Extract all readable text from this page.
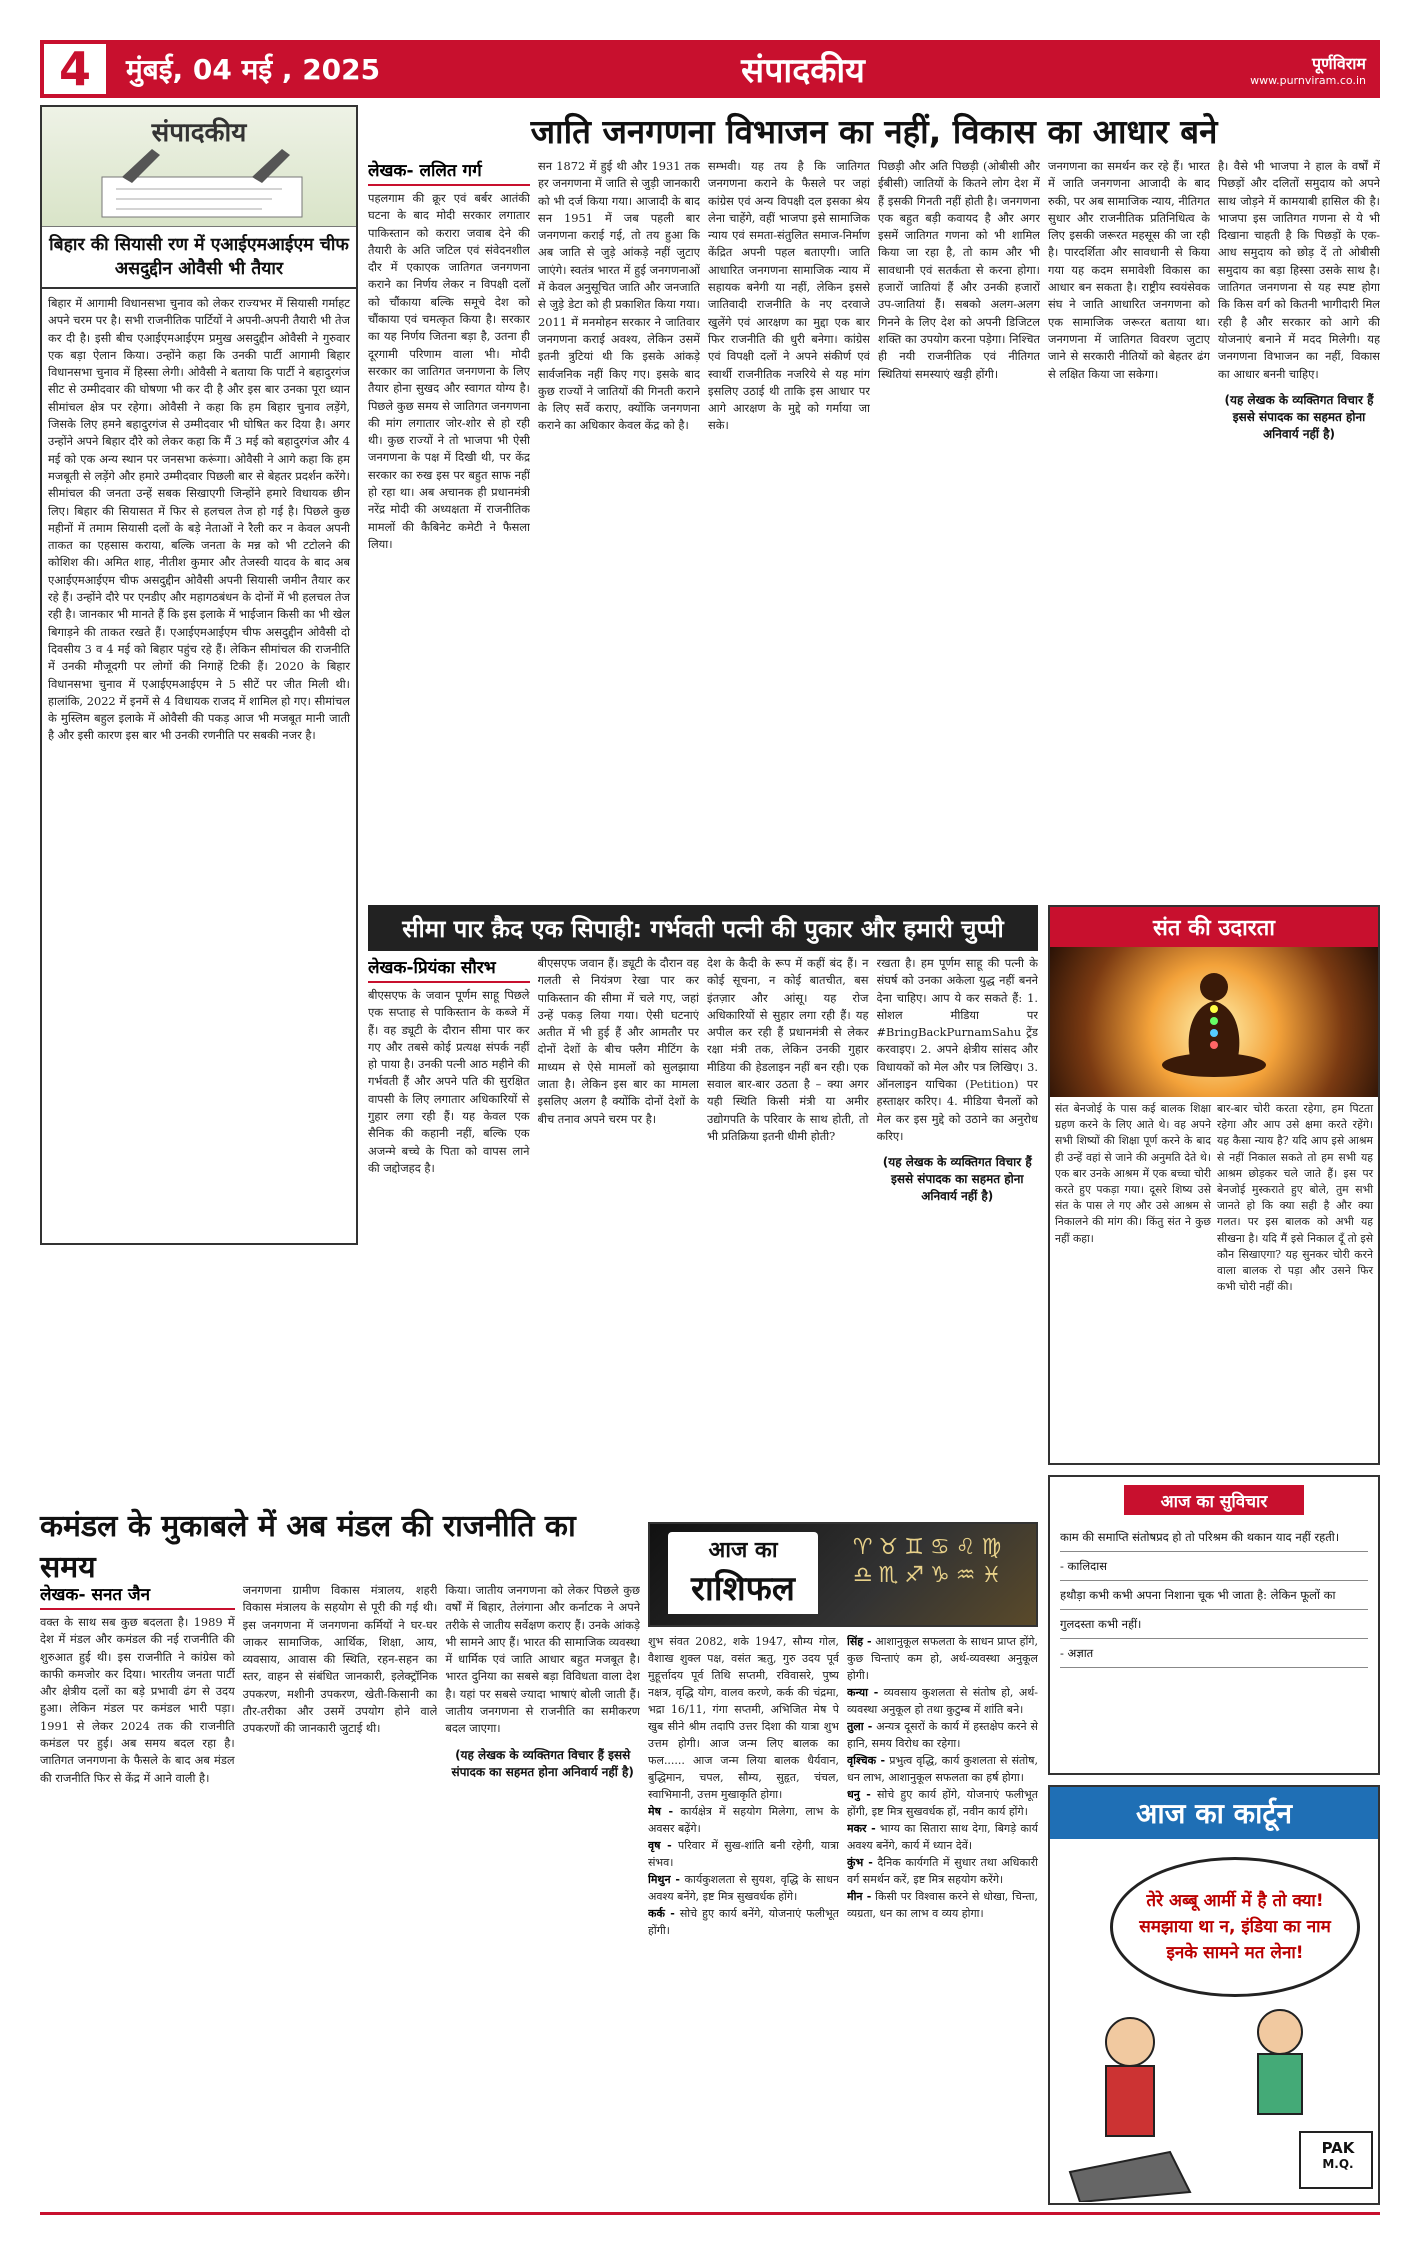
4	मुंबई, 04 मई , 2025	संपादकीय	पूर्णविराम
www.purnviram.co.in
संपादकीय
बिहार की सियासी रण में एआईएमआईएम चीफ असदुद्दीन ओवैसी भी तैयार
बिहार में आगामी विधानसभा चुनाव को लेकर राज्यभर में सियासी गर्माहट अपने चरम पर है। सभी राजनीतिक पार्टियों ने अपनी-अपनी तैयारी भी तेज कर दी है। इसी बीच एआईएमआईएम प्रमुख असदुद्दीन ओवैसी ने गुरुवार एक बड़ा ऐलान किया। उन्होंने कहा कि उनकी पार्टी आगामी बिहार विधानसभा चुनाव में हिस्सा लेगी। ओवैसी ने बताया कि पार्टी ने बहादुरगंज सीट से उम्मीदवार की घोषणा भी कर दी है और इस बार उनका पूरा ध्यान सीमांचल क्षेत्र पर रहेगा। ओवैसी ने कहा कि हम बिहार चुनाव लड़ेंगे, जिसके लिए हमने बहादुरगंज से उम्मीदवार भी घोषित कर दिया है। अगर उन्होंने अपने बिहार दौरे को लेकर कहा कि मैं 3 मई को बहादुरगंज और 4 मई को एक अन्य स्थान पर जनसभा करूंगा। ओवैसी ने आगे कहा कि हम मजबूती से लड़ेंगे और हमारे उम्मीदवार पिछली बार से बेहतर प्रदर्शन करेंगे। सीमांचल की जनता उन्हें सबक सिखाएगी जिन्होंने हमारे विधायक छीन लिए। बिहार की सियासत में फिर से हलचल तेज हो गई है। पिछले कुछ महीनों में तमाम सियासी दलों के बड़े नेताओं ने रैली कर न केवल अपनी ताकत का एहसास कराया, बल्कि जनता के मन्न को भी टटोलने की कोशिश की। अमित शाह, नीतीश कुमार और तेजस्वी यादव के बाद अब एआईएमआईएम चीफ असदुद्दीन ओवैसी अपनी सियासी जमीन तैयार कर रहे हैं। उन्होंने दौरे पर एनडीए और महागठबंधन के दोनों में भी हलचल तेज रही है। जानकार भी मानते हैं कि इस इलाके में भाईजान किसी का भी खेल बिगाड़ने की ताकत रखते हैं। एआईएमआईएम चीफ असदुद्दीन ओवैसी दो दिवसीय 3 व 4 मई को बिहार पहुंच रहे हैं। लेकिन सीमांचल की राजनीति में उनकी मौजूदगी पर लोगों की निगाहें टिकी हैं। 2020 के बिहार विधानसभा चुनाव में एआईएमआईएम ने 5 सीटें पर जीत मिली थी। हालांकि, 2022 में इनमें से 4 विधायक राजद में शामिल हो गए। सीमांचल के मुस्लिम बहुल इलाके में ओवैसी की पकड़ आज भी मजबूत मानी जाती है और इसी कारण इस बार भी उनकी रणनीति पर सबकी नजर है।
जाति जनगणना विभाजन का नहीं, विकास का आधार बने
लेखक- ललित गर्ग
पहलगाम की क्रूर एवं बर्बर आतंकी घटना के बाद मोदी सरकार लगातार पाकिस्तान को करारा जवाब देने की तैयारी के अति जटिल एवं संवेदनशील दौर में एकाएक जातिगत जनगणना कराने का निर्णय लेकर न विपक्षी दलों को चौंकाया बल्कि समूचे देश को चौंकाया एवं चमत्कृत किया है। सरकार का यह निर्णय जितना बड़ा है, उतना ही दूरगामी परिणाम वाला भी। मोदी सरकार का जातिगत जनगणना के लिए तैयार होना सुखद और स्वागत योग्य है। पिछले कुछ समय से जातिगत जनगणना की मांग लगातार जोर-शोर से हो रही थी। कुछ राज्यों ने तो भाजपा भी ऐसी जनगणना के पक्ष में दिखी थी, पर केंद्र सरकार का रुख इस पर बहुत साफ नहीं हो रहा था। अब अचानक ही प्रधानमंत्री नरेंद्र मोदी की अध्यक्षता में राजनीतिक मामलों की कैबिनेट कमेटी ने फैसला लिया।
सन 1872 में हुई थी और 1931 तक हर जनगणना में जाति से जुड़ी जानकारी को भी दर्ज किया गया। आजादी के बाद सन 1951 में जब पहली बार जनगणना कराई गई, तो तय हुआ कि अब जाति से जुड़े आंकड़े नहीं जुटाए जाएंगे। स्वतंत्र भारत में हुई जनगणनाओं में केवल अनुसूचित जाति और जनजाति से जुड़े डेटा को ही प्रकाशित किया गया। 2011 में मनमोहन सरकार ने जातिवार जनगणना कराई अवश्य, लेकिन उसमें इतनी त्रुटियां थी कि इसके आंकड़े सार्वजनिक नहीं किए गए। इसके बाद कुछ राज्यों ने जातियों की गिनती कराने के लिए सर्वे कराए, क्योंकि जनगणना कराने का अधिकार केवल केंद्र को है।
सम्भवी। यह तय है कि जातिगत जनगणना कराने के फैसले पर जहां कांग्रेस एवं अन्य विपक्षी दल इसका श्रेय लेना चाहेंगे, वहीं भाजपा इसे सामाजिक न्याय एवं समता-संतुलित समाज-निर्माण केंद्रित अपनी पहल बताएगी। जाति आधारित जनगणना सामाजिक न्याय में सहायक बनेगी या नहीं, लेकिन इससे जातिवादी राजनीति के नए दरवाजे खुलेंगे एवं आरक्षण का मुद्दा एक बार फिर राजनीति की धुरी बनेगा। कांग्रेस एवं विपक्षी दलों ने अपने संकीर्ण एवं स्वार्थी राजनीतिक नजरिये से यह मांग इसलिए उठाई थी ताकि इस आधार पर आगे आरक्षण के मुद्दे को गर्माया जा सके।
पिछड़ी और अति पिछड़ी (ओबीसी और ईबीसी) जातियों के कितने लोग देश में हैं इसकी गिनती नहीं होती है। जनगणना एक बहुत बड़ी कवायद है और अगर इसमें जातिगत गणना को भी शामिल किया जा रहा है, तो काम और भी सावधानी एवं सतर्कता से करना होगा। हजारों जातियां हैं और उनकी हजारों उप-जातियां हैं। सबको अलग-अलग गिनने के लिए देश को अपनी डिजिटल शक्ति का उपयोग करना पड़ेगा। निश्चित ही नयी राजनीतिक एवं नीतिगत स्थितियां समस्याएं खड़ी होंगी।
जनगणना का समर्थन कर रहे हैं। भारत में जाति जनगणना आजादी के बाद रुकी, पर अब सामाजिक न्याय, नीतिगत सुधार और राजनीतिक प्रतिनिधित्व के लिए इसकी जरूरत महसूस की जा रही है। पारदर्शिता और सावधानी से किया गया यह कदम समावेशी विकास का आधार बन सकता है। राष्ट्रीय स्वयंसेवक संघ ने जाति आधारित जनगणना को एक सामाजिक जरूरत बताया था। जनगणना में जातिगत विवरण जुटाए जाने से सरकारी नीतियों को बेहतर ढंग से लक्षित किया जा सकेगा।
है। वैसे भी भाजपा ने हाल के वर्षों में पिछड़ों और दलितों समुदाय को अपने साथ जोड़ने में कामयाबी हासिल की है। भाजपा इस जातिगत गणना से ये भी दिखाना चाहती है कि पिछड़ों के एक-आध समुदाय को छोड़ दें तो ओबीसी समुदाय का बड़ा हिस्सा उसके साथ है। जातिगत जनगणना से यह स्पष्ट होगा कि किस वर्ग को कितनी भागीदारी मिल रही है और सरकार को आगे की योजनाएं बनाने में मदद मिलेगी। यह जनगणना विभाजन का नहीं, विकास का आधार बननी चाहिए।
(यह लेखक के व्यक्तिगत विचार हैं इससे संपादक का सहमत होना अनिवार्य नहीं है)
सीमा पार क़ैद एक सिपाही: गर्भवती पत्नी की पुकार और हमारी चुप्पी
लेखक-प्रियंका सौरभ
बीएसएफ के जवान पूर्णम साहू पिछले एक सप्ताह से पाकिस्तान के कब्जे में हैं। वह ड्यूटी के दौरान सीमा पार कर गए और तबसे कोई प्रत्यक्ष संपर्क नहीं हो पाया है। उनकी पत्नी आठ महीने की गर्भवती हैं और अपने पति की सुरक्षित वापसी के लिए लगातार अधिकारियों से गुहार लगा रही हैं। यह केवल एक सैनिक की कहानी नहीं, बल्कि एक अजन्मे बच्चे के पिता को वापस लाने की जद्दोजहद है।
बीएसएफ जवान हैं। ड्यूटी के दौरान वह गलती से नियंत्रण रेखा पार कर पाकिस्तान की सीमा में चले गए, जहां उन्हें पकड़ लिया गया। ऐसी घटनाएं अतीत में भी हुई हैं और आमतौर पर दोनों देशों के बीच फ्लैग मीटिंग के माध्यम से ऐसे मामलों को सुलझाया जाता है। लेकिन इस बार का मामला इसलिए अलग है क्योंकि दोनों देशों के बीच तनाव अपने चरम पर है।
देश के कैदी के रूप में कहीं बंद हैं। न कोई सूचना, न कोई बातचीत, बस इंतज़ार और आंसू। यह रोज अधिकारियों से सुहार लगा रही हैं। यह अपील कर रही हैं प्रधानमंत्री से लेकर रक्षा मंत्री तक, लेकिन उनकी गुहार मीडिया की हेडलाइन नहीं बन रही। एक सवाल बार-बार उठता है – क्या अगर यही स्थिति किसी मंत्री या अमीर उद्योगपति के परिवार के साथ होती, तो भी प्रतिक्रिया इतनी धीमी होती?
रखता है। हम पूर्णम साहू की पत्नी के संघर्ष को उनका अकेला युद्ध नहीं बनने देना चाहिए। आप ये कर सकते हैं: 1. सोशल मीडिया पर #BringBackPurnamSahu ट्रेंड करवाइए। 2. अपने क्षेत्रीय सांसद और विधायकों को मेल और पत्र लिखिए। 3. ऑनलाइन याचिका (Petition) पर हस्ताक्षर करिए। 4. मीडिया चैनलों को मेल कर इस मुद्दे को उठाने का अनुरोध करिए।
(यह लेखक के व्यक्तिगत विचार हैं इससे संपादक का सहमत होना अनिवार्य नहीं है)
संत की उदारता
संत बेनजोई के पास कई बालक शिक्षा ग्रहण करने के लिए आते थे। वह अपने सभी शिष्यों की शिक्षा पूर्ण करने के बाद ही उन्हें वहां से जाने की अनुमति देते थे। एक बार उनके आश्रम में एक बच्चा चोरी करते हुए पकड़ा गया। दूसरे शिष्य उसे संत के पास ले गए और उसे आश्रम से निकालने की मांग की। किंतु संत ने कुछ नहीं कहा।
बार-बार चोरी करता रहेगा, हम पिटता रहेगा और आप उसे क्षमा करते रहेंगे। यह कैसा न्याय है? यदि आप इसे आश्रम से नहीं निकाल सकते तो हम सभी यह आश्रम छोड़कर चले जाते हैं। इस पर बेनजोई मुस्कराते हुए बोले, तुम सभी जानते हो कि क्या सही है और क्या गलत। पर इस बालक को अभी यह सीखना है। यदि मैं इसे निकाल दूँ तो इसे कौन सिखाएगा? यह सुनकर चोरी करने वाला बालक रो पड़ा और उसने फिर कभी चोरी नहीं की।
आज का सुविचार
काम की समाप्ति संतोषप्रद हो तो परिश्रम की थकान याद नहीं रहती।
- कालिदास
हथौड़ा कभी कभी अपना निशाना चूक भी जाता है: लेकिन फूलों का
गुलदस्ता कभी नहीं।
- अज्ञात
आज का कार्टून
तेरे अब्बू आर्मी में है तो क्या! समझाया था न, इंडिया का नाम इनके सामने मत लेना!
PAK
M.Q.
कमंडल के मुकाबले में अब मंडल की राजनीति का समय
लेखक- सनत जैन
वक्त के साथ सब कुछ बदलता है। 1989 में देश में मंडल और कमंडल की नई राजनीति की शुरुआत हुई थी। इस राजनीति ने कांग्रेस को काफी कमजोर कर दिया। भारतीय जनता पार्टी और क्षेत्रीय दलों का बड़े प्रभावी ढंग से उदय हुआ। लेकिन मंडल पर कमंडल भारी पड़ा। 1991 से लेकर 2024 तक की राजनीति कमंडल पर हुई। अब समय बदल रहा है। जातिगत जनगणना के फैसले के बाद अब मंडल की राजनीति फिर से केंद्र में आने वाली है।
जनगणना ग्रामीण विकास मंत्रालय, शहरी विकास मंत्रालय के सहयोग से पूरी की गई थी। इस जनगणना में जनगणना कर्मियों ने घर-घर जाकर सामाजिक, आर्थिक, शिक्षा, आय, व्यवसाय, आवास की स्थिति, रहन-सहन का स्तर, वाहन से संबंधित जानकारी, इलेक्ट्रॉनिक उपकरण, मशीनी उपकरण, खेती-किसानी का तौर-तरीका और उसमें उपयोग होने वाले उपकरणों की जानकारी जुटाई थी।
किया। जातीय जनगणना को लेकर पिछले कुछ वर्षों में बिहार, तेलंगाना और कर्नाटक ने अपने तरीके से जातीय सर्वेक्षण कराए हैं। उनके आंकड़े भी सामने आए हैं। भारत की सामाजिक व्यवस्था में धार्मिक एवं जाति आधार बहुत मजबूत है। भारत दुनिया का सबसे बड़ा विविधता वाला देश है। यहां पर सबसे ज्यादा भाषाएं बोली जाती हैं। जातीय जनगणना से राजनीति का समीकरण बदल जाएगा।
(यह लेखक के व्यक्तिगत विचार हैं इससे संपादक का सहमत होना अनिवार्य नहीं है)
आज का
राशिफल
♈♉♊♋♌♍
♎♏♐♑♒♓
शुभ संवत 2082, शके 1947, सौम्य गोल, वैशाख शुक्ल पक्ष, वसंत ऋतु, गुरु उदय पूर्व मुहूर्त्तादय पूर्व तिथि सप्तमी, रविवासरे, पुष्य नक्षत्र, वृद्धि योग, वालव करणे, कर्क की चंद्रमा, भद्रा 16/11, गंगा सप्तमी, अभिजित मेष पे खुब सीने श्रीम तदापि उत्तर दिशा की यात्रा शुभ उत्तम होगी। आज जन्म लिए बालक का फल...... आज जन्म लिया बालक धैर्यवान, बुद्धिमान, चपल, सौम्य, सुहृत, चंचल, स्वाभिमानी, उत्तम मुखाकृति होगा।
मेष - कार्यक्षेत्र में सहयोग मिलेगा, लाभ के अवसर बढ़ेंगे।
वृष - परिवार में सुख-शांति बनी रहेगी, यात्रा संभव।
मिथुन - कार्यकुशलता से सुयश, वृद्धि के साधन अवश्य बनेंगे, इष्ट मित्र सुखवर्धक होंगे।
कर्क - सोचे हुए कार्य बनेंगे, योजनाएं फलीभूत होंगी।
सिंह - आशानुकूल सफलता के साधन प्राप्त होंगे, कुछ चिन्ताएं कम हो, अर्थ-व्यवस्था अनुकूल होगी।
कन्या - व्यवसाय कुशलता से संतोष हो, अर्थ-व्यवस्था अनुकूल हो तथा कुटुम्ब में शांति बने।
तुला - अन्यत्र दूसरों के कार्य में हस्तक्षेप करने से हानि, समय विरोध का रहेगा।
वृश्चिक - प्रभुत्व वृद्धि, कार्य कुशलता से संतोष, धन लाभ, आशानुकूल सफलता का हर्ष होगा।
धनु - सोचे हुए कार्य होंगे, योजनाएं फलीभूत होंगी, इष्ट मित्र सुखवर्धक हों, नवीन कार्य होंगे।
मकर - भाग्य का सितारा साथ देगा, बिगड़े कार्य अवश्य बनेंगे, कार्य में ध्यान देवें।
कुंभ - दैनिक कार्यगति में सुधार तथा अधिकारी वर्ग समर्थन करें, इष्ट मित्र सहयोग करेंगे।
मीन - किसी पर विश्वास करने से धोखा, चिन्ता, व्यग्रता, धन का लाभ व व्यय होगा।
